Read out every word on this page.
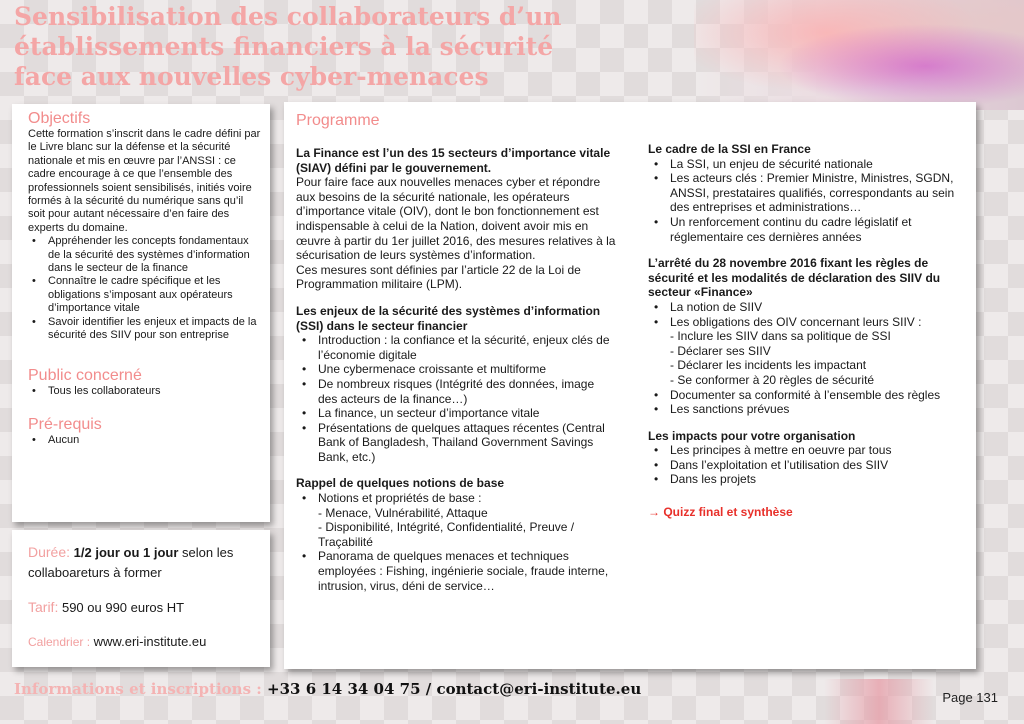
Sensibilisation des collaborateurs d’un
établissements financiers à la sécurité
face aux nouvelles cyber-menaces
Objectifs
Cette formation s’inscrit dans le cadre défini par le Livre blanc sur la défense et la sécurité nationale et mis en œuvre par l’ANSSI : ce cadre encourage à ce que l’ensemble des professionnels soient sensibilisés, initiés voire formés à la sécurité du numérique sans qu’il soit pour autant nécessaire d’en faire des experts du domaine.
• Appréhender les concepts fondamentaux de la sécurité des systèmes d’information dans le secteur de la finance
• Connaître le cadre spécifique et les obligations s’imposant aux opérateurs d’importance vitale
• Savoir identifier les enjeux et impacts de la sécurité des SIIV pour son entreprise
Public concerné
• Tous les collaborateurs
Pré-requis
• Aucun
Durée: 1/2 jour ou 1 jour selon les collaboareturs à former
Tarif: 590 ou 990 euros HT
Calendrier : www.eri-institute.eu
Programme
La Finance est l’un des 15 secteurs d’importance vitale (SIAV) défini par le gouvernement.
Pour faire face aux nouvelles menaces cyber et répondre aux besoins de la sécurité nationale, les opérateurs d’importance vitale (OIV), dont le bon fonctionnement est indispensable à celui de la Nation, doivent avoir mis en œuvre à partir du 1er juillet 2016, des mesures relatives à la sécurisation de leurs systèmes d’information.
Ces mesures sont définies par l’article 22 de la Loi de Programmation militaire (LPM).
Les enjeux de la sécurité des systèmes d’information (SSI) dans le secteur financier
• Introduction : la confiance et la sécurité, enjeux clés de l’économie digitale
• Une cybermenace croissante et multiforme
• De nombreux risques (Intégrité des données, image des acteurs de la finance…)
• La finance, un secteur d’importance vitale
• Présentations de quelques attaques récentes (Central Bank of Bangladesh, Thailand Government Savings Bank, etc.)
Rappel de quelques notions de base
• Notions et propriétés de base :
- Menace, Vulnérabilité, Attaque
- Disponibilité, Intégrité, Confidentialité, Preuve / Traçabilité
• Panorama de quelques menaces et techniques employées : Fishing, ingénierie sociale, fraude interne, intrusion, virus, déni de service…
Le cadre de la SSI en France
• La SSI, un enjeu de sécurité nationale
• Les acteurs clés : Premier Ministre, Ministres, SGDN, ANSSI, prestataires qualifiés, correspondants au sein des entreprises et administrations…
• Un renforcement continu du cadre législatif et réglementaire ces dernières années
L’arrêté du 28 novembre 2016 fixant les règles de sécurité et les modalités de déclaration des SIIV du secteur «Finance»
• La notion de SIIV
• Les obligations des OIV concernant leurs SIIV :
- Inclure les SIIV dans sa politique de SSI
- Déclarer ses SIIV
- Déclarer les incidents les impactant
- Se conformer à 20 règles de sécurité
• Documenter sa conformité à l’ensemble des règles
• Les sanctions prévues
Les impacts pour votre organisation
• Les principes à mettre en oeuvre par tous
• Dans l’exploitation et l’utilisation des SIIV
• Dans les projets
→ Quizz final et synthèse
Informations et inscriptions : +33 6 14 34 04 75 / contact@eri-institute.eu	Page 131
